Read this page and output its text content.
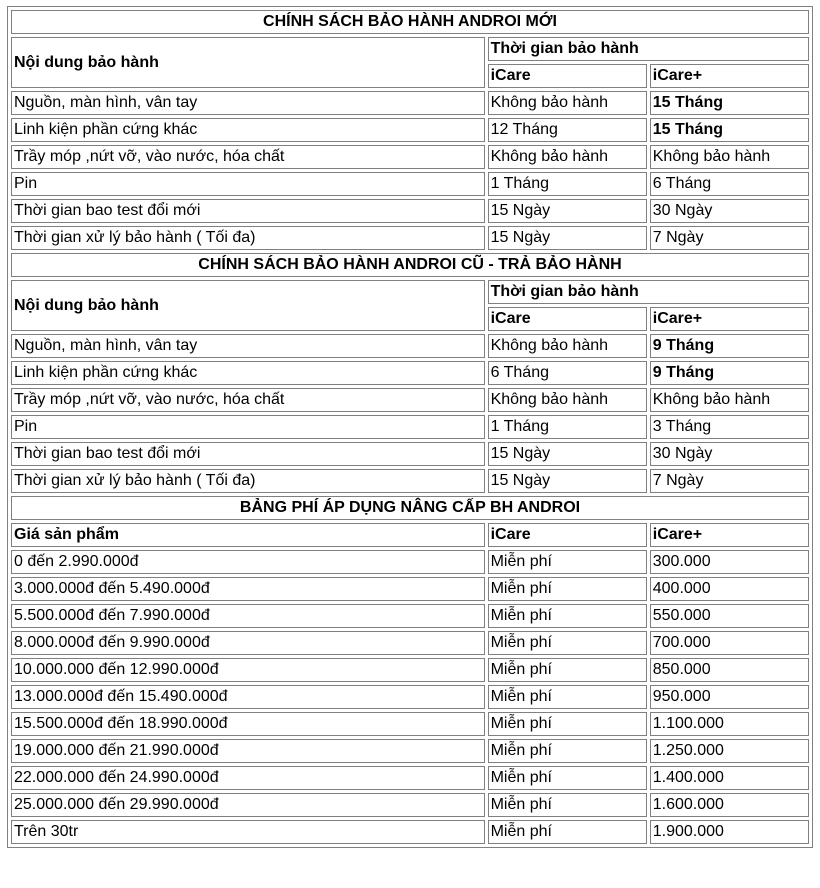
CHÍNH SÁCH BẢO HÀNH ANDROI MỚI		
Nội dung bảo hành	Thời gian bảo hành	
	iCare	iCare+
Nguồn, màn hình, vân tay	Không bảo hành	15 Tháng
Linh kiện phần cứng khác	12 Tháng	15 Tháng
Trầy móp ,nứt vỡ, vào nước, hóa chất	Không bảo hành	Không bảo hành
Pin	1 Tháng	6 Tháng
Thời gian bao test đổi mới	15 Ngày	30 Ngày
Thời gian xử lý bảo hành ( Tối đa)	15 Ngày	7 Ngày
CHÍNH SÁCH BẢO HÀNH ANDROI CŨ - TRẢ BẢO HÀNH		
Nội dung bảo hành	Thời gian bảo hành	
	iCare	iCare+
Nguồn, màn hình, vân tay	Không bảo hành	9 Tháng
Linh kiện phần cứng khác	6 Tháng	9 Tháng
Trầy móp ,nứt vỡ, vào nước, hóa chất	Không bảo hành	Không bảo hành
Pin	1 Tháng	3 Tháng
Thời gian bao test đổi mới	15 Ngày	30 Ngày
Thời gian xử lý bảo hành ( Tối đa)	15 Ngày	7 Ngày
BẢNG PHÍ ÁP DỤNG NÂNG CẤP BH ANDROI		
Giá sản phẩm	iCare	iCare+
0 đến 2.990.000đ	Miễn phí	300.000
3.000.000đ đến 5.490.000đ	Miễn phí	400.000
5.500.000đ đến 7.990.000đ	Miễn phí	550.000
8.000.000đ đến 9.990.000đ	Miễn phí	700.000
10.000.000 đến 12.990.000đ	Miễn phí	850.000
13.000.000đ đến 15.490.000đ	Miễn phí	950.000
15.500.000đ đến 18.990.000đ	Miễn phí	1.100.000
19.000.000 đến 21.990.000đ	Miễn phí	1.250.000
22.000.000 đến 24.990.000đ	Miễn phí	1.400.000
25.000.000 đến 29.990.000đ	Miễn phí	1.600.000
Trên 30tr	Miễn phí	1.900.000
